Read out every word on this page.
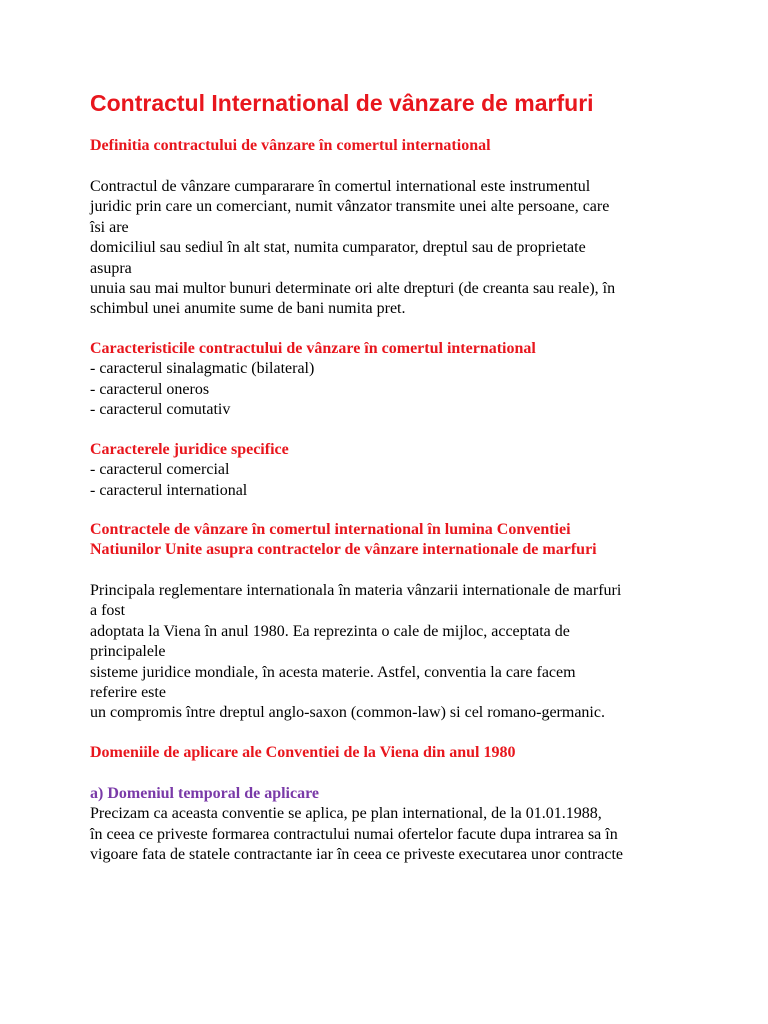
Contractul International de vânzare de marfuri
Definitia contractului de vânzare în comertul international
Contractul de vânzare cumpararare în comertul international este instrumentul
juridic prin care un comerciant, numit vânzator transmite unei alte persoane, care
îsi are
domiciliul sau sediul în alt stat, numita cumparator, dreptul sau de proprietate
asupra
unuia sau mai multor bunuri determinate ori alte drepturi (de creanta sau reale), în
schimbul unei anumite sume de bani numita pret.
Caracteristicile contractului de vânzare în comertul international
- caracterul sinalagmatic (bilateral)
- caracterul oneros
- caracterul comutativ
Caracterele juridice specifice
- caracterul comercial
- caracterul international
Contractele de vânzare în comertul international în lumina Conventiei
Natiunilor Unite asupra contractelor de vânzare internationale de marfuri
Principala reglementare internationala în materia vânzarii internationale de marfuri
a fost
adoptata la Viena în anul 1980. Ea reprezinta o cale de mijloc, acceptata de
principalele
sisteme juridice mondiale, în acesta materie. Astfel, conventia la care facem
referire este
un compromis între dreptul anglo-saxon (common-law) si cel romano-germanic.
Domeniile de aplicare ale Conventiei de la Viena din anul 1980
a) Domeniul temporal de aplicare
Precizam ca aceasta conventie se aplica, pe plan international, de la 01.01.1988,
în ceea ce priveste formarea contractului numai ofertelor facute dupa intrarea sa în
vigoare fata de statele contractante iar în ceea ce priveste executarea unor contracte
